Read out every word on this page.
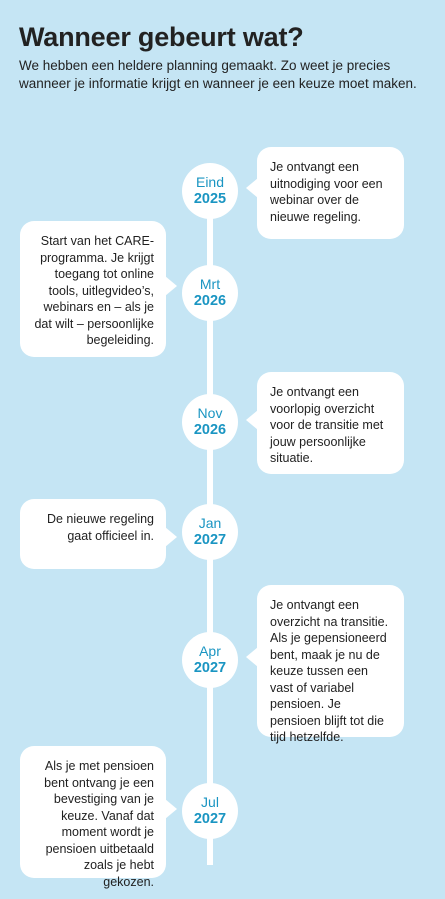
Wanneer gebeurt wat?

We hebben een heldere planning gemaakt. Zo weet je precies wanneer je informatie krijgt en wanneer je een keuze moet maken.

Eind
2025
Je ontvangt een uitnodiging voor een webinar over de nieuwe regeling.
Mrt
2026
Start van het CARE-programma. Je krijgt toegang tot online tools, uitlegvideo’s, webinars en – als je dat wilt – persoonlijke begeleiding.
Nov
2026
Je ontvangt een voorlopig overzicht voor de transitie met jouw persoonlijke situatie.
Jan
2027
De nieuwe regeling gaat officieel in.
Apr
2027
Je ontvangt een overzicht na transitie. Als je gepensioneerd bent, maak je nu de keuze tussen een vast of variabel pensioen. Je pensioen blijft tot die tijd hetzelfde.
Jul
2027
Als je met pensioen bent ontvang je een bevestiging van je keuze. Vanaf dat moment wordt je pensioen uitbetaald zoals je hebt gekozen.
